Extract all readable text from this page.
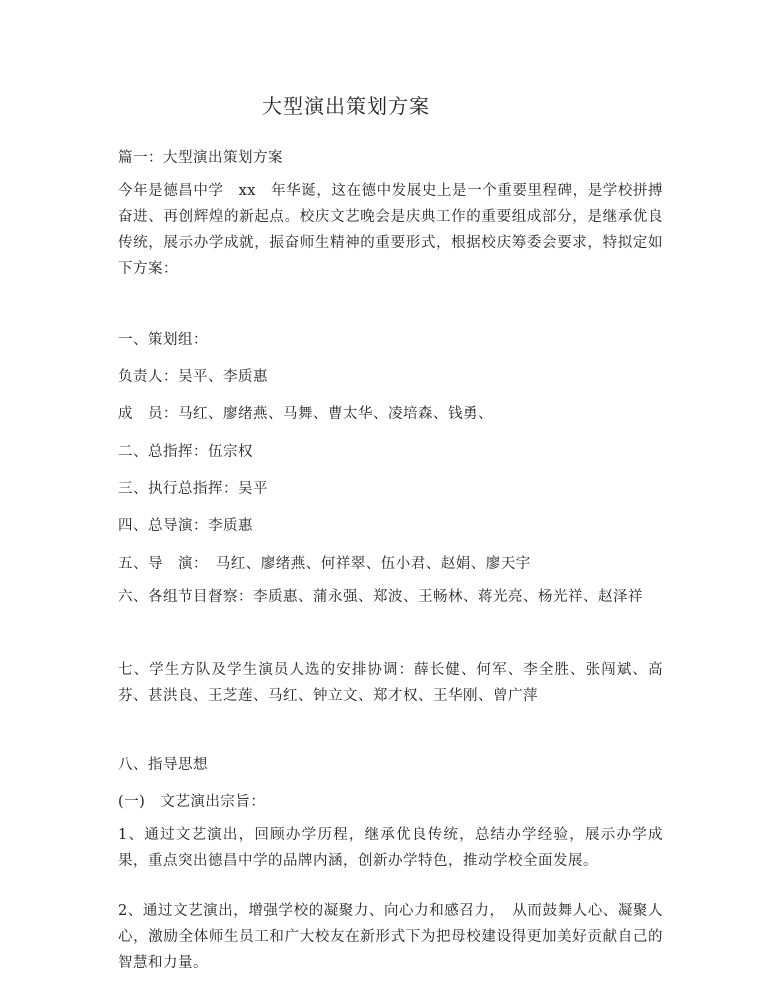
大型演出策划方案
篇一：大型演出策划方案
今年是德昌中学　xx　年华诞，这在德中发展史上是一个重要里程碑，是学校拼搏奋进、再创辉煌的新起点。校庆文艺晚会是庆典工作的重要组成部分，是继承优良传统，展示办学成就，振奋师生精神的重要形式，根据校庆筹委会要求，特拟定如下方案：
一、策划组：
负责人：吴平、李质惠
成　员：马红、廖绪燕、马舞、曹太华、凌培森、钱勇、
二、总指挥：伍宗权
三、执行总指挥：吴平
四、总导演：李质惠
五、导　演：　马红、廖绪燕、何祥翠、伍小君、赵娟、廖天宇
六、各组节目督察：李质惠、蒲永强、郑波、王畅林、蒋光亮、杨光祥、赵泽祥
七、学生方队及学生演员人选的安排协调：薛长健、何军、李全胜、张闯斌、高芬、甚洪良、王芝莲、马红、钟立文、郑才权、王华刚、曾广萍
八、指导思想
(一)　文艺演出宗旨：
1、通过文艺演出，回顾办学历程，继承优良传统，总结办学经验，展示办学成果，重点突出德昌中学的品牌内涵，创新办学特色，推动学校全面发展。
2、通过文艺演出，增强学校的凝聚力、向心力和感召力，　从而鼓舞人心、凝聚人心，激励全体师生员工和广大校友在新形式下为把母校建设得更加美好贡献自己的智慧和力量。
